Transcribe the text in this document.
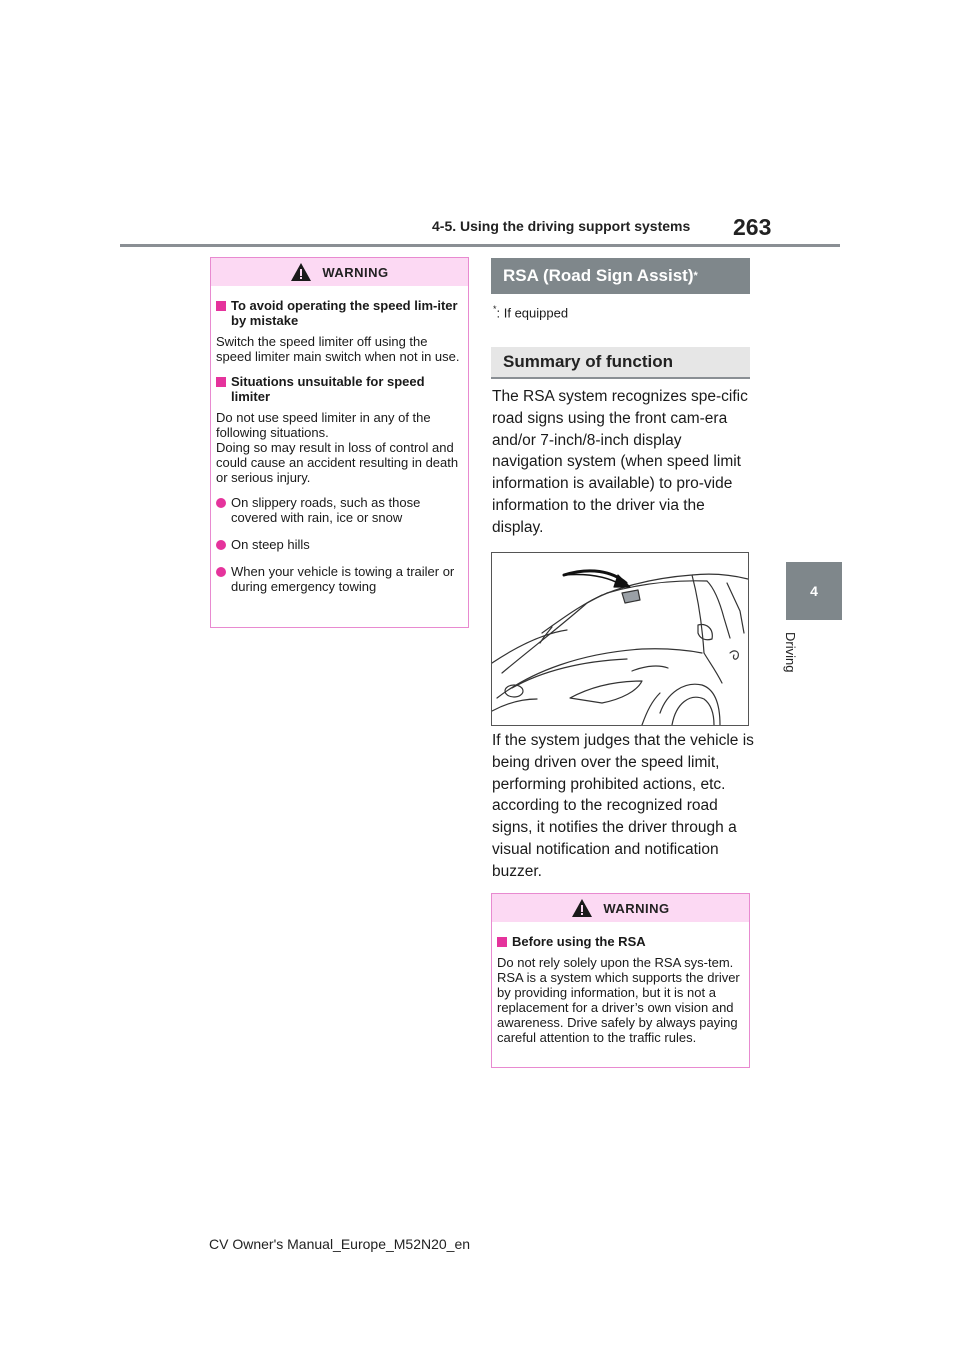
4-5. Using the driving support systems 263
4
Driving
WARNING
To avoid operating the speed lim-iter by mistake
Switch the speed limiter off using the speed limiter main switch when not in use.
Situations unsuitable for speed limiter
Do not use speed limiter in any of the following situations.
Doing so may result in loss of control and could cause an accident resulting in death or serious injury.
On slippery roads, such as those covered with rain, ice or snow
On steep hills
When your vehicle is towing a trailer or during emergency towing
RSA (Road Sign Assist) *
*: If equipped
Summary of function
The RSA system recognizes spe-cific road signs using the front cam-era and/or 7-inch/8-inch display navigation system (when speed limit information is available) to pro-vide information to the driver via the display.
If the system judges that the vehicle is being driven over the speed limit, performing prohibited actions, etc. according to the recognized road signs, it notifies the driver through a visual notification and notification buzzer.
WARNING
Before using the RSA
Do not rely solely upon the RSA sys-tem. RSA is a system which supports the driver by providing information, but it is not a replacement for a driver’s own vision and awareness. Drive safely by always paying careful attention to the traffic rules.
CV Owner's Manual_Europe_M52N20_en
